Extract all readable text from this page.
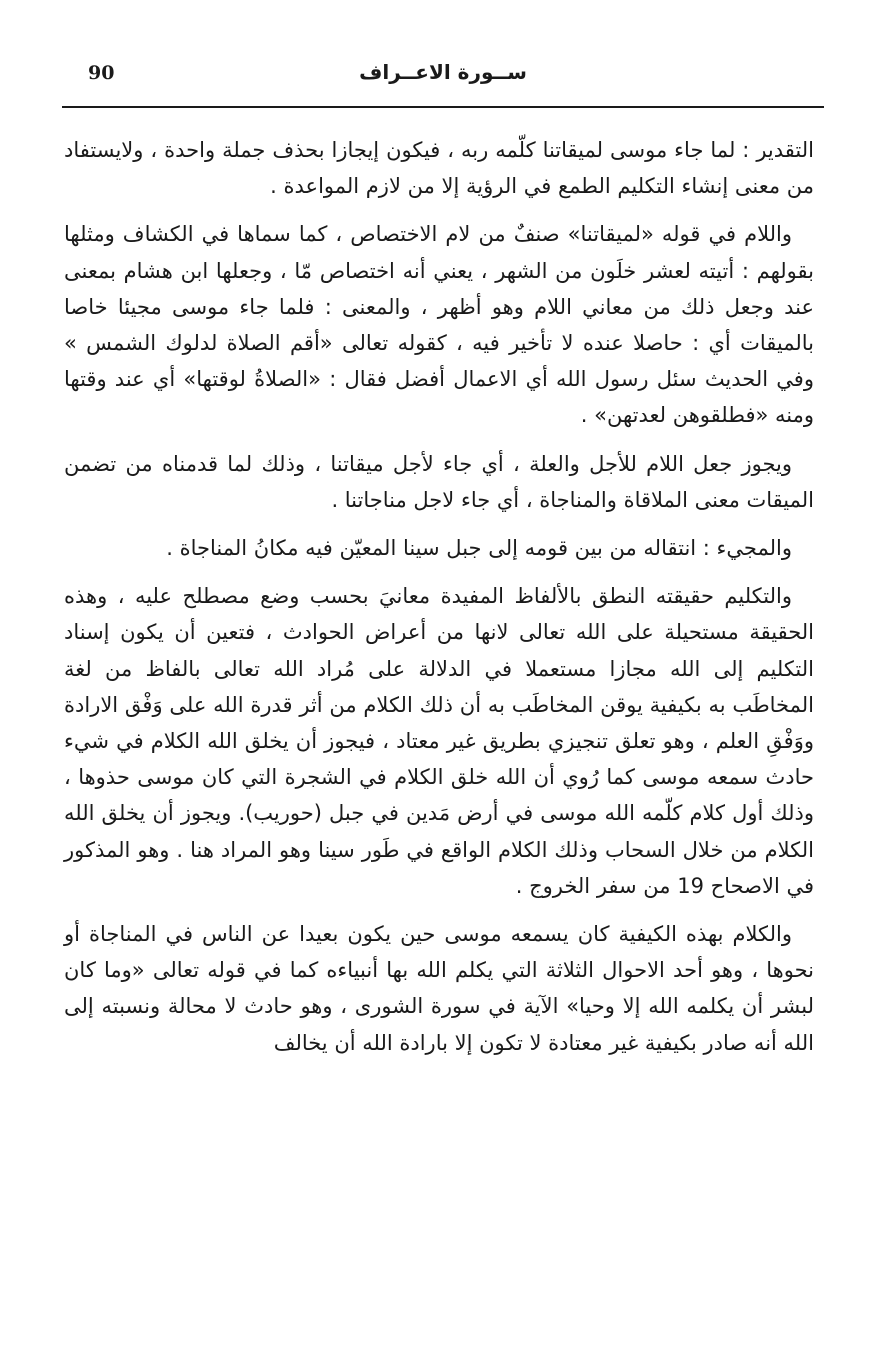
90	ســورة الاعــراف

التقدير : لما جاء موسى لميقاتنا كلّمه ربه ، فيكون إيجازا بحذف جملة واحدة ، ولايستفاد من معنى إنشاء التكليم الطمع في الرؤية إلا من لازم المواعدة .

واللام في قوله «لميقاتنا» صنفٌ من لام الاختصاص ، كما سماها في الكشاف ومثلها بقولهم : أتيته لعشر خلَون من الشهر ، يعني أنه اختصاص مّا ، وجعلها ابن هشام بمعنى عند وجعل ذلك من معاني اللام وهو أظهر ، والمعنى : فلما جاء موسى مجيئا خاصا بالميقات أي : حاصلا عنده لا تأخير فيه ، كقوله تعالى «أقم الصلاة لدلوك الشمس » وفي الحديث سئل رسول الله أي الاعمال أفضل فقال : «الصلاةُ لوقتها» أي عند وقتها ومنه «فطلقوهن لعدتهن» .

ويجوز جعل اللام للأجل والعلة ، أي جاء لأجل ميقاتنا ، وذلك لما قدمناه من تضمن الميقات معنى الملاقاة والمناجاة ، أي جاء لاجل مناجاتنا .

والمجيء : انتقاله من بين قومه إلى جبل سينا المعيّن فيه مكانُ المناجاة .

والتكليم حقيقته النطق بالألفاظ المفيدة معانيَ بحسب وضع مصطلح عليه ، وهذه الحقيقة مستحيلة على الله تعالى لانها من أعراض الحوادث ، فتعين أن يكون إسناد التكليم إلى الله مجازا مستعملا في الدلالة على مُراد الله تعالى بالفاظ من لغة المخاطَب به بكيفية يوقن المخاطَب به أن ذلك الكلام من أثر قدرة الله على وَفْق الارادة ووَفْقِ العلم ، وهو تعلق تنجيزي بطريق غير معتاد ، فيجوز أن يخلق الله الكلام في شيء حادث سمعه موسى كما رُوي أن الله خلق الكلام في الشجرة التي كان موسى حذوها ، وذلك أول كلام كلّمه الله موسى في أرض مَدين في جبل (حوريب). ويجوز أن يخلق الله الكلام من خلال السحاب وذلك الكلام الواقع في طَور سينا وهو المراد هنا . وهو المذكور في الاصحاح 19 من سفر الخروج .

والكلام بهذه الكيفية كان يسمعه موسى حين يكون بعيدا عن الناس في المناجاة أو نحوها ، وهو أحد الاحوال الثلاثة التي يكلم الله بها أنبياءه كما في قوله تعالى «وما كان لبشر أن يكلمه الله إلا وحيا» الآية في سورة الشورى ، وهو حادث لا محالة ونسبته إلى الله أنه صادر بكيفية غير معتادة لا تكون إلا بارادة الله أن يخالف
